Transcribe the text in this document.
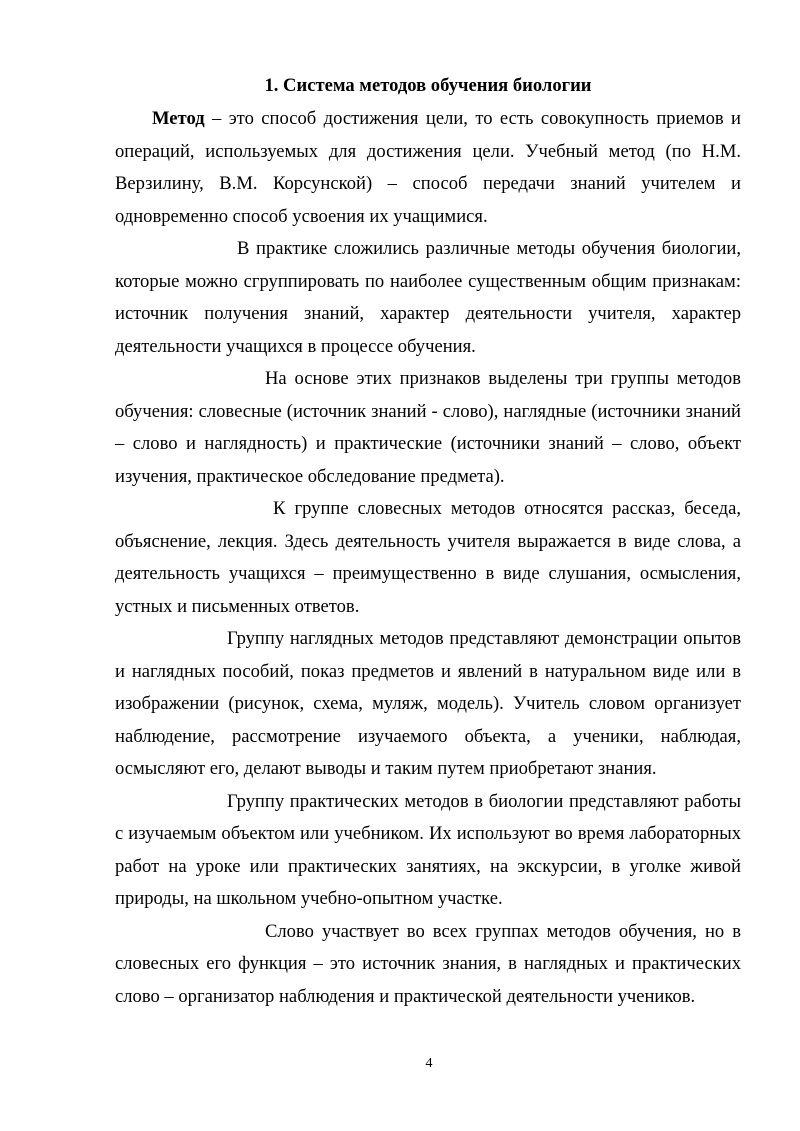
1. Система методов обучения биологии

Метод – это способ достижения цели, то есть совокупность приемов и операций, используемых для достижения цели. Учебный метод (по Н.М. Верзилину, В.М. Корсунской) – способ передачи знаний учителем и одновременно способ усвоения их учащимися.

В практике сложились различные методы обучения биологии, которые можно сгруппировать по наиболее существенным общим признакам: источник получения знаний, характер деятельности учителя, характер деятельности учащихся в процессе обучения.

На основе этих признаков выделены три группы методов обучения: словесные (источник знаний - слово), наглядные (источники знаний – слово и наглядность) и практические (источники знаний – слово, объект изучения, практическое обследование предмета).

К группе словесных методов относятся рассказ, беседа, объяснение, лекция. Здесь деятельность учителя выражается в виде слова, а деятельность учащихся – преимущественно в виде слушания, осмысления, устных и письменных ответов.

Группу наглядных методов представляют демонстрации опытов и наглядных пособий, показ предметов и явлений в натуральном виде или в изображении (рисунок, схема, муляж, модель). Учитель словом организует наблюдение, рассмотрение изучаемого объекта, а ученики, наблюдая, осмысляют его, делают выводы и таким путем приобретают знания.

Группу практических методов в биологии представляют работы с изучаемым объектом или учебником. Их используют во время лабораторных работ на уроке или практических занятиях, на экскурсии, в уголке живой природы, на школьном учебно-опытном участке.

Слово участвует во всех группах методов обучения, но в словесных его функция – это источник знания, в наглядных и практических слово – организатор наблюдения и практической деятельности учеников.

4
